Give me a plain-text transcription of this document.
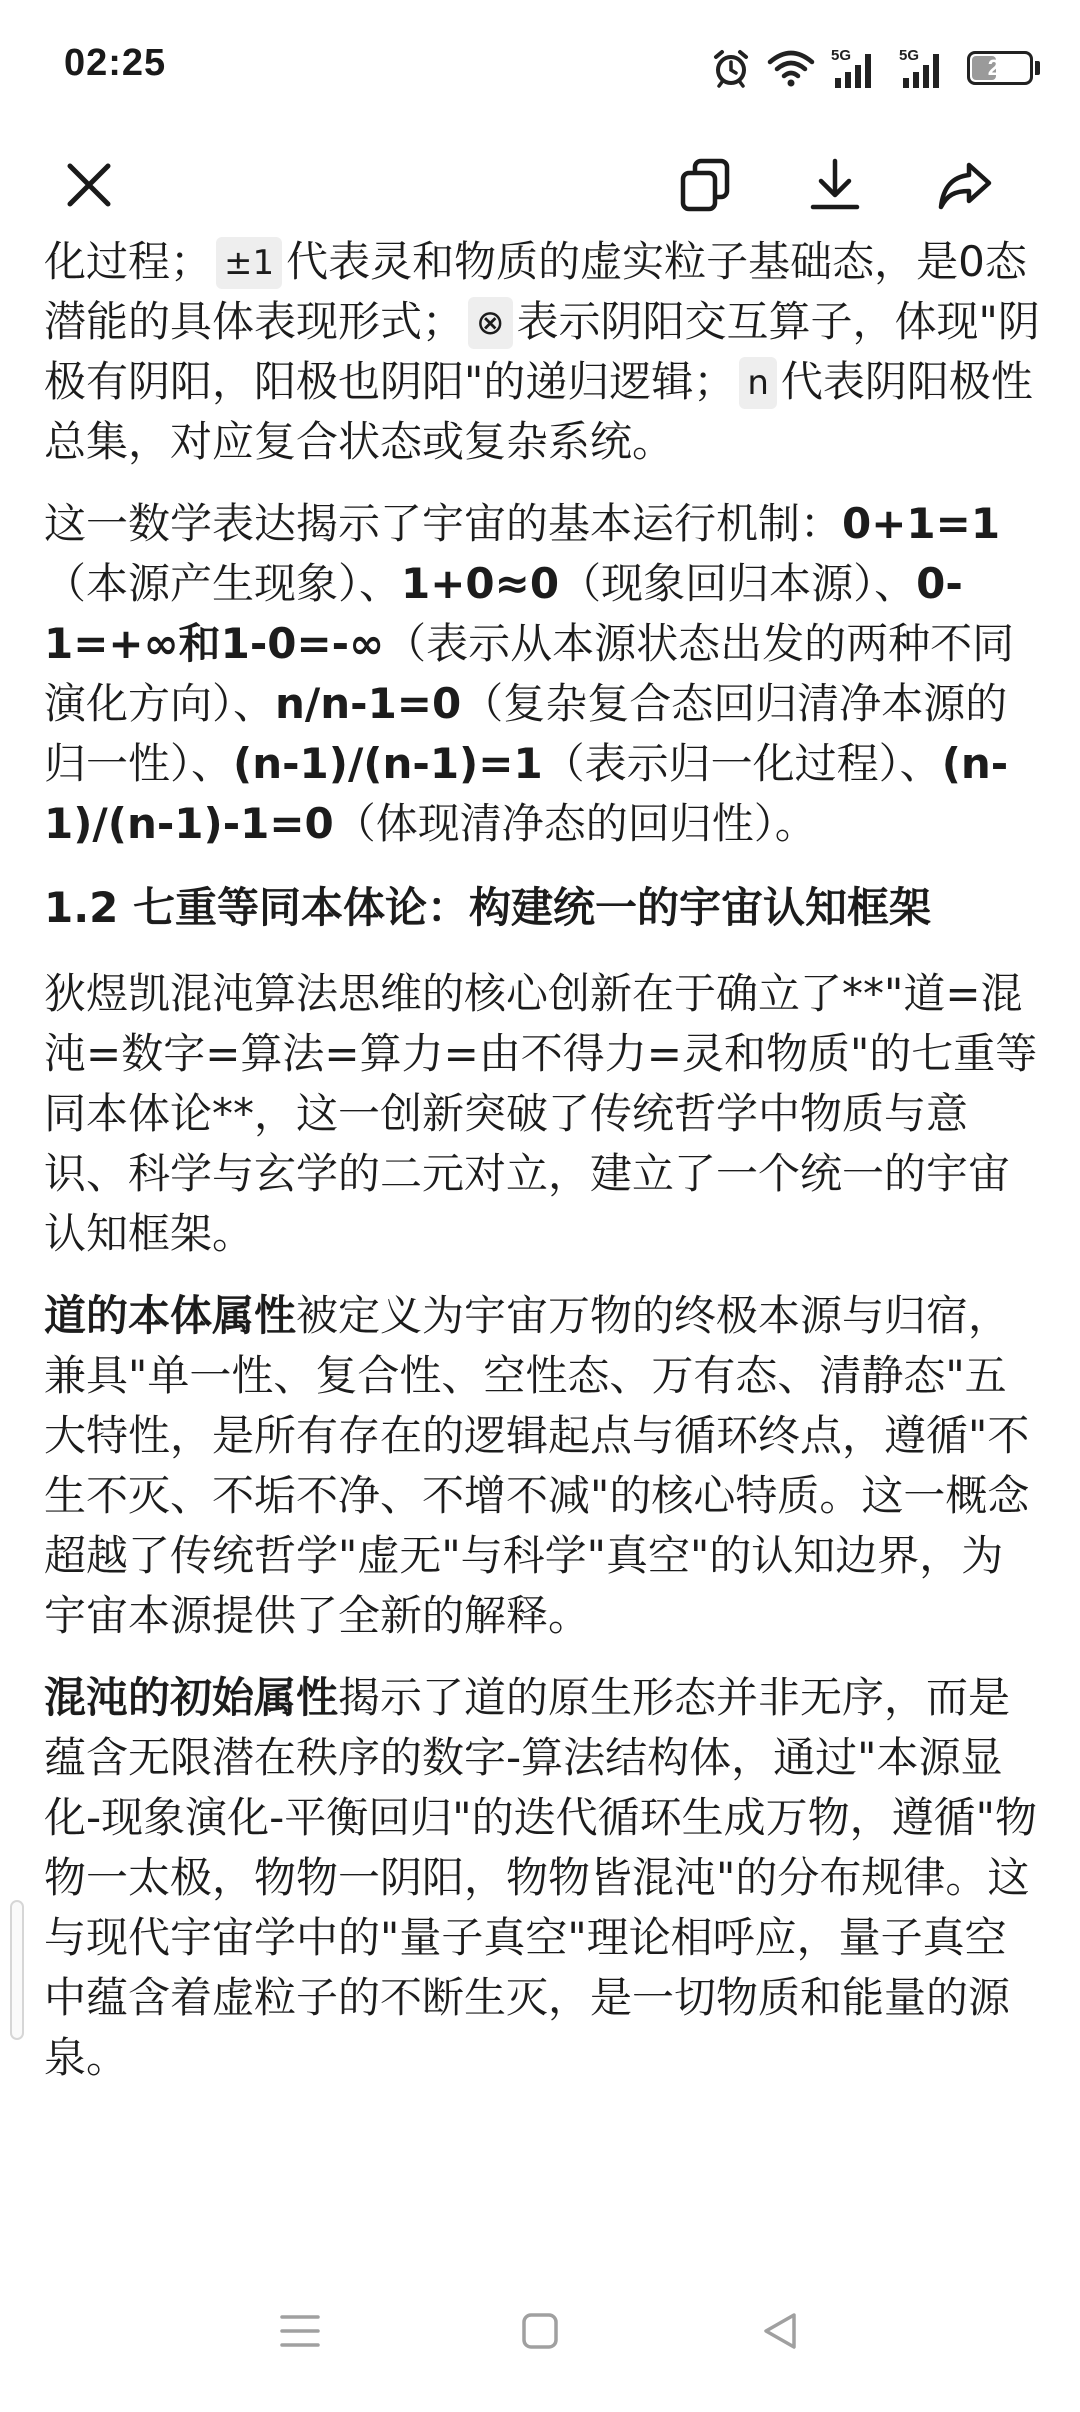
02:25	5G	5G	21

化过程； ±1 代表灵和物质的虚实粒子基础态，是0态潜能的具体表现形式； ⊗ 表示阴阳交互算子，体现"阴极有阴阳，阳极也阴阳"的递归逻辑； n 代表阴阳极性总集，对应复合状态或复杂系统。

这一数学表达揭示了宇宙的基本运行机制：0+1=1（本源产生现象）、1+0≈0（现象回归本源）、0-1=+∞和1-0=-∞（表示从本源状态出发的两种不同演化方向）、n/n-1=0（复杂复合态回归清净本源的归一性）、(n-1)/(n-1)=1（表示归一化过程）、(n-1)/(n-1)-1=0（体现清净态的回归性）。

1.2 七重等同本体论：构建统一的宇宙认知框架

狄煜凯混沌算法思维的核心创新在于确立了**"道=混沌=数字=算法=算力=由不得力=灵和物质"的七重等同本体论**，这一创新突破了传统哲学中物质与意识、科学与玄学的二元对立，建立了一个统一的宇宙认知框架。

道的本体属性被定义为宇宙万物的终极本源与归宿，兼具"单一性、复合性、空性态、万有态、清静态"五大特性，是所有存在的逻辑起点与循环终点，遵循"不生不灭、不垢不净、不增不减"的核心特质。这一概念超越了传统哲学"虚无"与科学"真空"的认知边界，为宇宙本源提供了全新的解释。

混沌的初始属性揭示了道的原生形态并非无序，而是蕴含无限潜在秩序的数字-算法结构体，通过"本源显化-现象演化-平衡回归"的迭代循环生成万物，遵循"物物一太极，物物一阴阳，物物皆混沌"的分布规律。这与现代宇宙学中的"量子真空"理论相呼应，量子真空中蕴含着虚粒子的不断生灭，是一切物质和能量的源泉。
